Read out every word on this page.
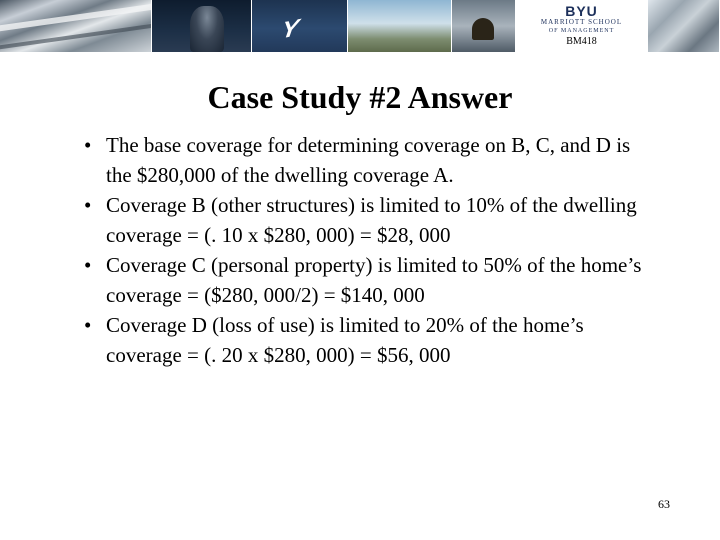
Y
BYU
MARRIOTT SCHOOL
OF MANAGEMENT
BM418
Case Study #2 Answer
• The base coverage for determining coverage on B, C, and D is the $280,000 of the dwelling coverage A.
• Coverage B (other structures) is limited to 10% of the dwelling coverage = (. 10 x $280, 000) = $28, 000
• Coverage C (personal property) is limited to 50% of the home’s coverage = ($280, 000/2) = $140, 000
• Coverage D (loss of use) is limited to 20% of the home’s coverage = (. 20 x $280, 000) = $56, 000
63
